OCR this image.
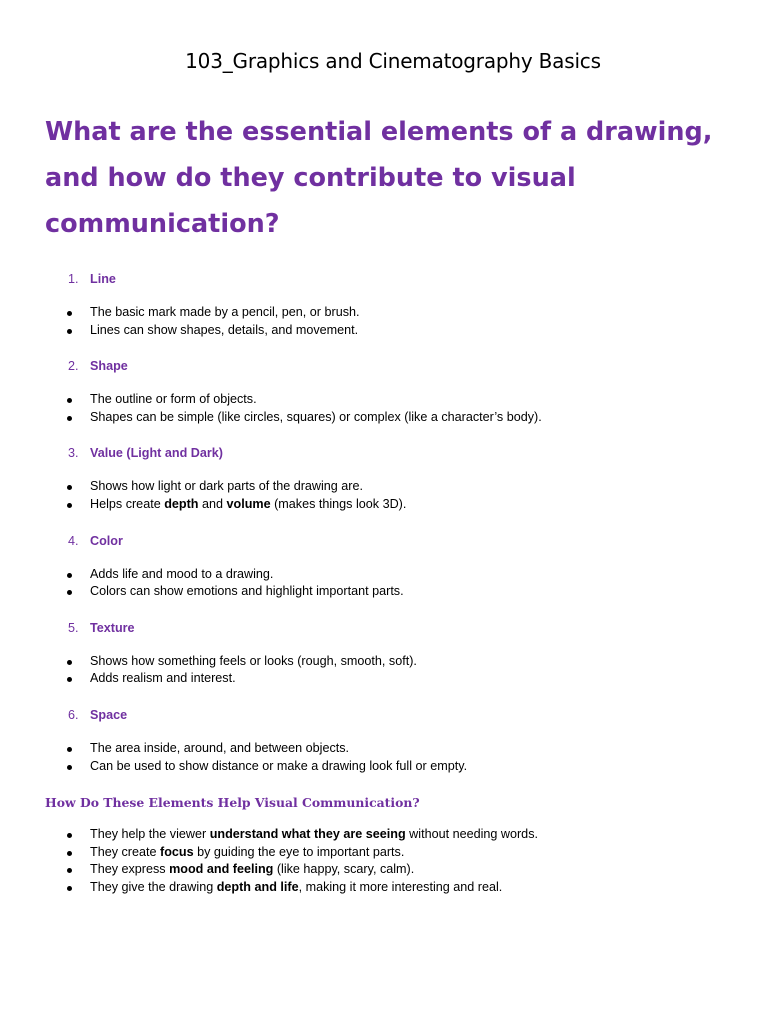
103_Graphics and Cinematography Basics
What are the essential elements of a drawing, and how do they contribute to visual communication?
1. Line
The basic mark made by a pencil, pen, or brush.
Lines can show shapes, details, and movement.
2. Shape
The outline or form of objects.
Shapes can be simple (like circles, squares) or complex (like a character’s body).
3. Value (Light and Dark)
Shows how light or dark parts of the drawing are.
Helps create depth and volume (makes things look 3D).
4. Color
Adds life and mood to a drawing.
Colors can show emotions and highlight important parts.
5. Texture
Shows how something feels or looks (rough, smooth, soft).
Adds realism and interest.
6. Space
The area inside, around, and between objects.
Can be used to show distance or make a drawing look full or empty.
How Do These Elements Help Visual Communication?
They help the viewer understand what they are seeing without needing words.
They create focus by guiding the eye to important parts.
They express mood and feeling (like happy, scary, calm).
They give the drawing depth and life, making it more interesting and real.
